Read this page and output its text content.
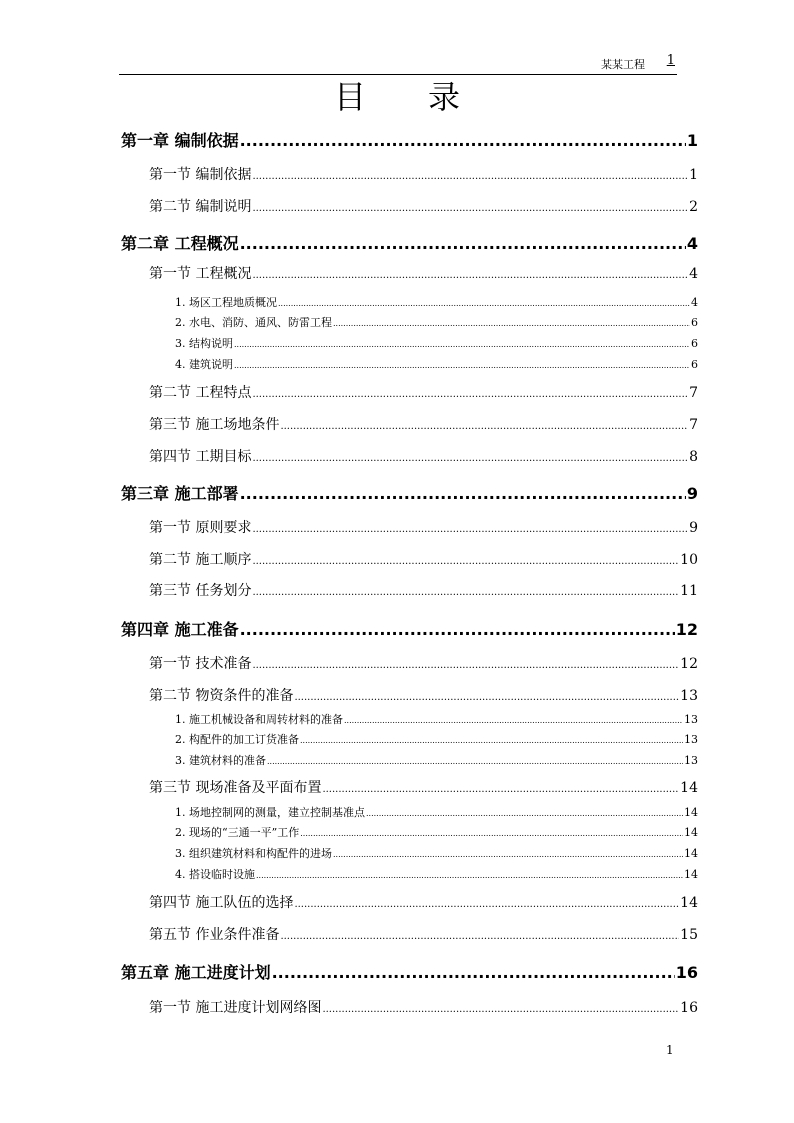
某某工程 1
目录
第一章 编制依据 .....	1
第一节 编制依据 .....	1
第二节 编制说明 .....	2
第二章 工程概况 .....	4
第一节 工程概况 .....	4
1. 场区工程地质概况 .....	4
2. 水电、消防、通风、防雷工程 .....	6
3. 结构说明 .....	6
4. 建筑说明 .....	6
第二节 工程特点 .....	7
第三节 施工场地条件 .....	7
第四节 工期目标 .....	8
第三章 施工部署 .....	9
第一节 原则要求 .....	9
第二节 施工顺序 .....	10
第三节 任务划分 .....	11
第四章 施工准备 .....	12
第一节 技术准备 .....	12
第二节 物资条件的准备 .....	13
1. 施工机械设备和周转材料的准备 .....	13
2. 构配件的加工订货准备 .....	13
3. 建筑材料的准备 .....	13
第三节 现场准备及平面布置 .....	14
1. 场地控制网的测量，建立控制基准点 .....	14
2. 现场的“三通一平”工作 .....	14
3. 组织建筑材料和构配件的进场 .....	14
4. 搭设临时设施 .....	14
第四节 施工队伍的选择 .....	14
第五节 作业条件准备 .....	15
第五章 施工进度计划 .....	16
第一节 施工进度计划网络图 .....	16
1
